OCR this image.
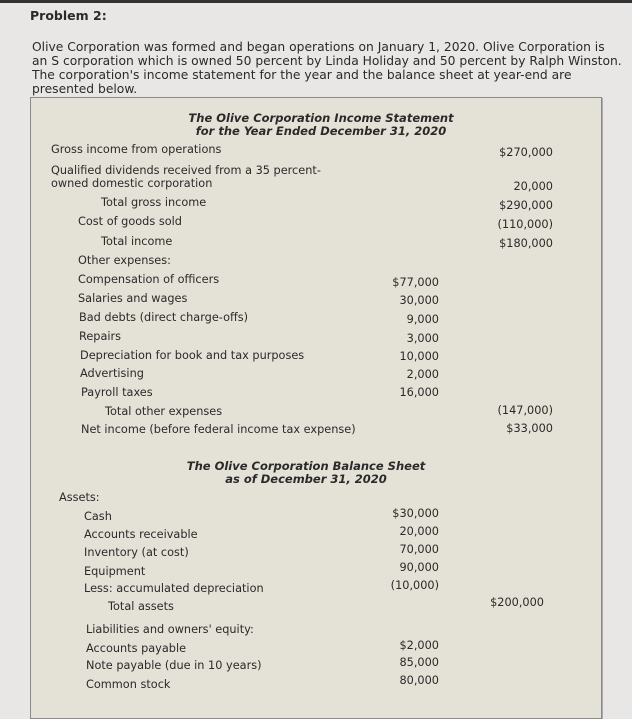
Problem 2:
Olive Corporation was formed and began operations on January 1, 2020. Olive Corporation is an S corporation which is owned 50 percent by Linda Holiday and 50 percent by Ralph Winston. The corporation's income statement for the year and the balance sheet at year-end are presented below.
The Olive Corporation Income Statement
for the Year Ended December 31, 2020
Gross income from operations	$270,000
Qualified dividends received from a 35 percent-
owned domestic corporation	20,000
Total gross income	$290,000
Cost of goods sold	(110,000)
Total income	$180,000
Other expenses:
Compensation of officers	$77,000
Salaries and wages	30,000
Bad debts (direct charge-offs)	9,000
Repairs	3,000
Depreciation for book and tax purposes	10,000
Advertising	2,000
Payroll taxes	16,000
Total other expenses	(147,000)
Net income (before federal income tax expense)	$33,000
The Olive Corporation Balance Sheet
as of December 31, 2020
Assets:
Cash	$30,000
Accounts receivable	20,000
Inventory (at cost)	70,000
Equipment	90,000
Less: accumulated depreciation	(10,000)
Total assets	$200,000
Liabilities and owners' equity:
Accounts payable	$2,000
Note payable (due in 10 years)	85,000
Common stock	80,000
